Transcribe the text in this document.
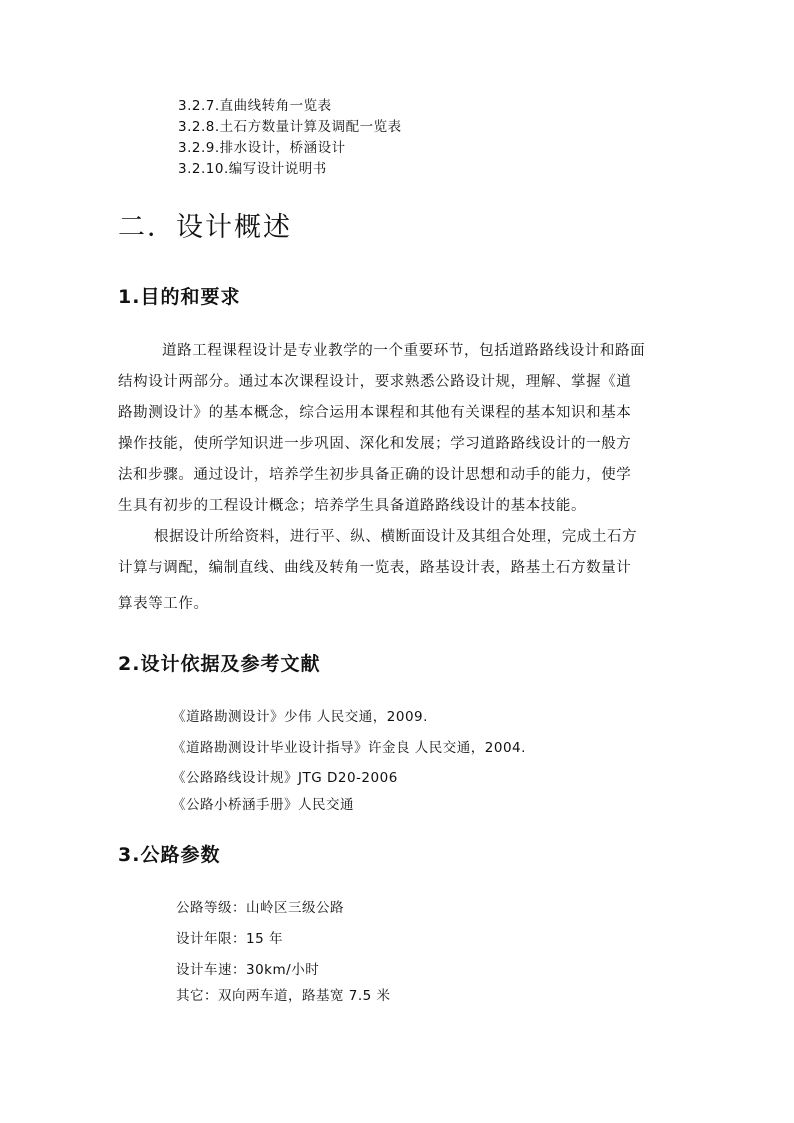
3.2.7.直曲线转角一览表
3.2.8.土石方数量计算及调配一览表
3.2.9.排水设计，桥涵设计
3.2.10.编写设计说明书
二．设计概述
1.目的和要求
道路工程课程设计是专业教学的一个重要环节，包括道路路线设计和路面
结构设计两部分。通过本次课程设计，要求熟悉公路设计规，理解、掌握《道
路勘测设计》的基本概念，综合运用本课程和其他有关课程的基本知识和基本
操作技能，使所学知识进一步巩固、深化和发展；学习道路路线设计的一般方
法和步骤。通过设计，培养学生初步具备正确的设计思想和动手的能力，使学
生具有初步的工程设计概念；培养学生具备道路路线设计的基本技能。
根据设计所给资料，进行平、纵、横断面设计及其组合处理，完成土石方
计算与调配，编制直线、曲线及转角一览表，路基设计表，路基土石方数量计
算表等工作。
2.设计依据及参考文献
《道路勘测设计》少伟 人民交通，2009.
《道路勘测设计毕业设计指导》许金良 人民交通，2004.
《公路路线设计规》JTG D20-2006
《公路小桥涵手册》人民交通
3.公路参数
公路等级：山岭区三级公路
设计年限：15 年
设计车速：30km/小时
其它：双向两车道，路基宽 7.5 米
